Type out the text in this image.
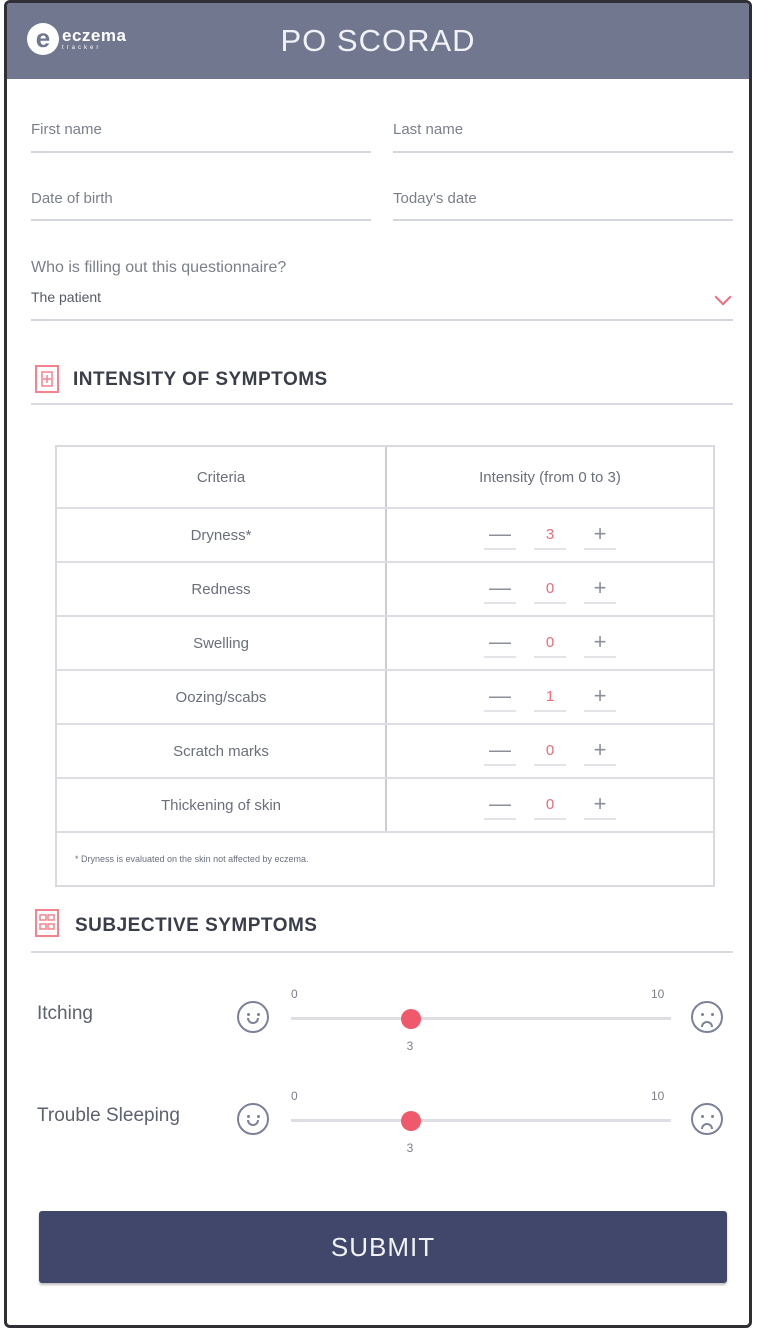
e eczema
tracker	PO SCORAD
First name	Last name
Date of birth	Today's date
Who is filling out this questionnaire?
The patient
INTENSITY OF SYMPTOMS
Criteria	Intensity (from 0 to 3)
Dryness*	—	3	+
Redness	—	0	+
Swelling	—	0	+
Oozing/scabs	—	1	+
Scratch marks	—	0	+
Thickening of skin	—	0	+
* Dryness is evaluated on the skin not affected by eczema.
SUBJECTIVE SYMPTOMS
Itching
0	10
3
Trouble Sleeping
0	10
3
SUBMIT
